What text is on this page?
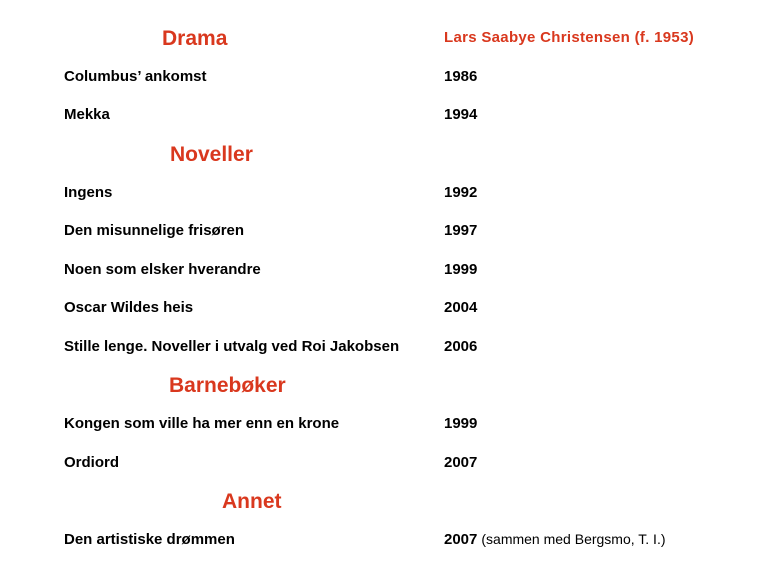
Drama	Lars Saabye Christensen (f. 1953)
Columbus’ ankomst	1986
Mekka	1994
Noveller
Ingens	1992
Den misunnelige frisøren	1997
Noen som elsker hverandre	1999
Oscar Wildes heis	2004
Stille lenge. Noveller i utvalg ved Roi Jakobsen	2006
Barnebøker
Kongen som ville ha mer enn en krone	1999
Ordiord	2007
Annet
Den artistiske drømmen	2007 (sammen med Bergsmo, T. I.)
